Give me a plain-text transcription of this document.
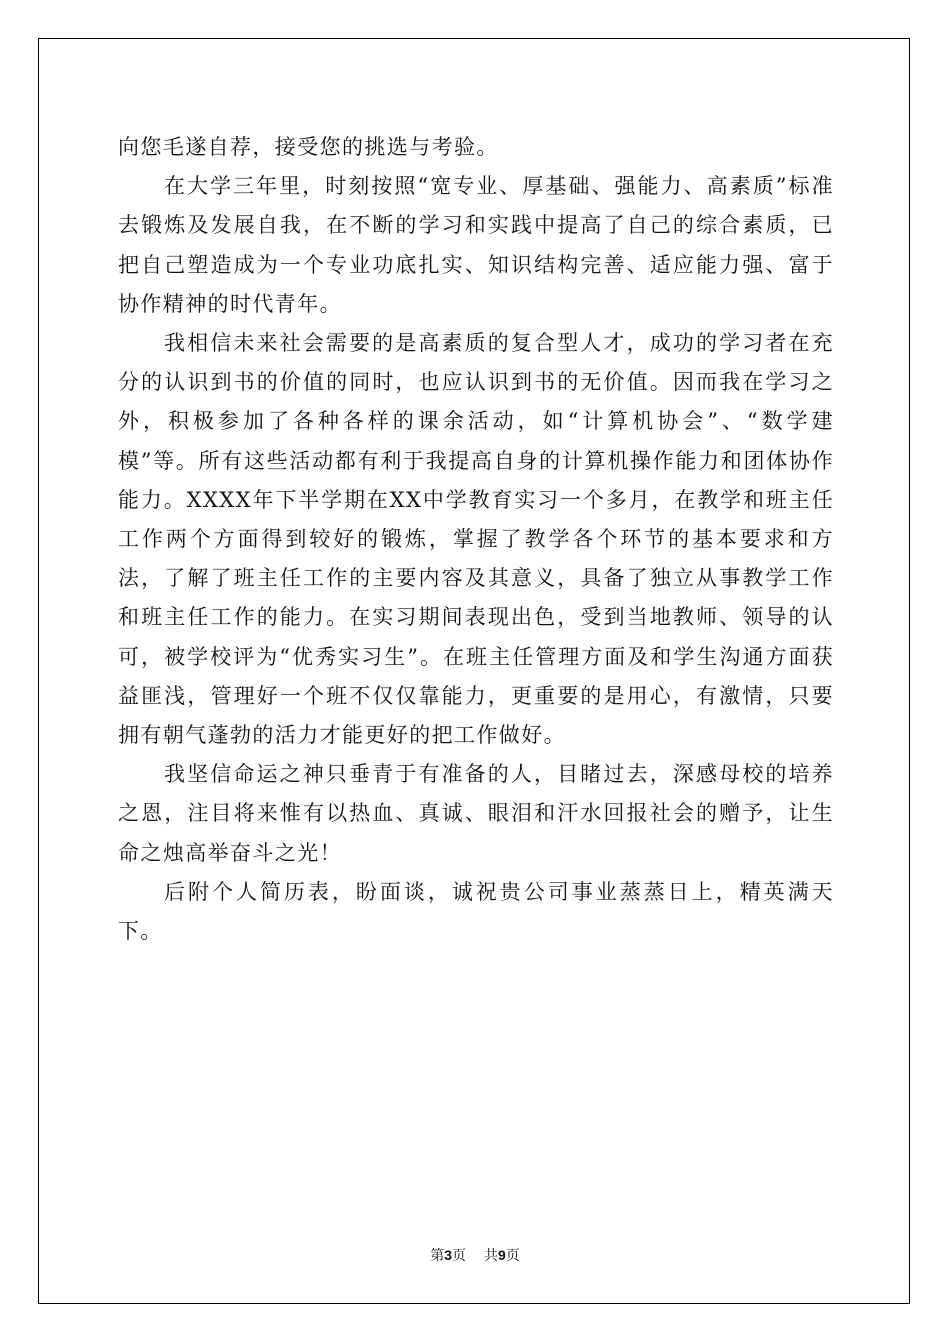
向您毛遂自荐，接受您的挑选与考验。

在大学三年里，时刻按照“宽专业、厚基础、强能力、高素质”标准去锻炼及发展自我，在不断的学习和实践中提高了自己的综合素质，已把自己塑造成为一个专业功底扎实、知识结构完善、适应能力强、富于协作精神的时代青年。

我相信未来社会需要的是高素质的复合型人才，成功的学习者在充分的认识到书的价值的同时，也应认识到书的无价值。因而我在学习之外，积极参加了各种各样的课余活动，如“计算机协会”、“数学建模”等。所有这些活动都有利于我提高自身的计算机操作能力和团体协作能力。XXXX年下半学期在XX中学教育实习一个多月，在教学和班主任工作两个方面得到较好的锻炼，掌握了教学各个环节的基本要求和方法，了解了班主任工作的主要内容及其意义，具备了独立从事教学工作和班主任工作的能力。在实习期间表现出色，受到当地教师、领导的认可，被学校评为“优秀实习生”。在班主任管理方面及和学生沟通方面获益匪浅，管理好一个班不仅仅靠能力，更重要的是用心，有激情，只要拥有朝气蓬勃的活力才能更好的把工作做好。

我坚信命运之神只垂青于有准备的人，目睹过去，深感母校的培养之恩，注目将来惟有以热血、真诚、眼泪和汗水回报社会的赠予，让生命之烛高举奋斗之光！

后附个人简历表，盼面谈，诚祝贵公司事业蒸蒸日上，精英满天下。

第3页 共9页
